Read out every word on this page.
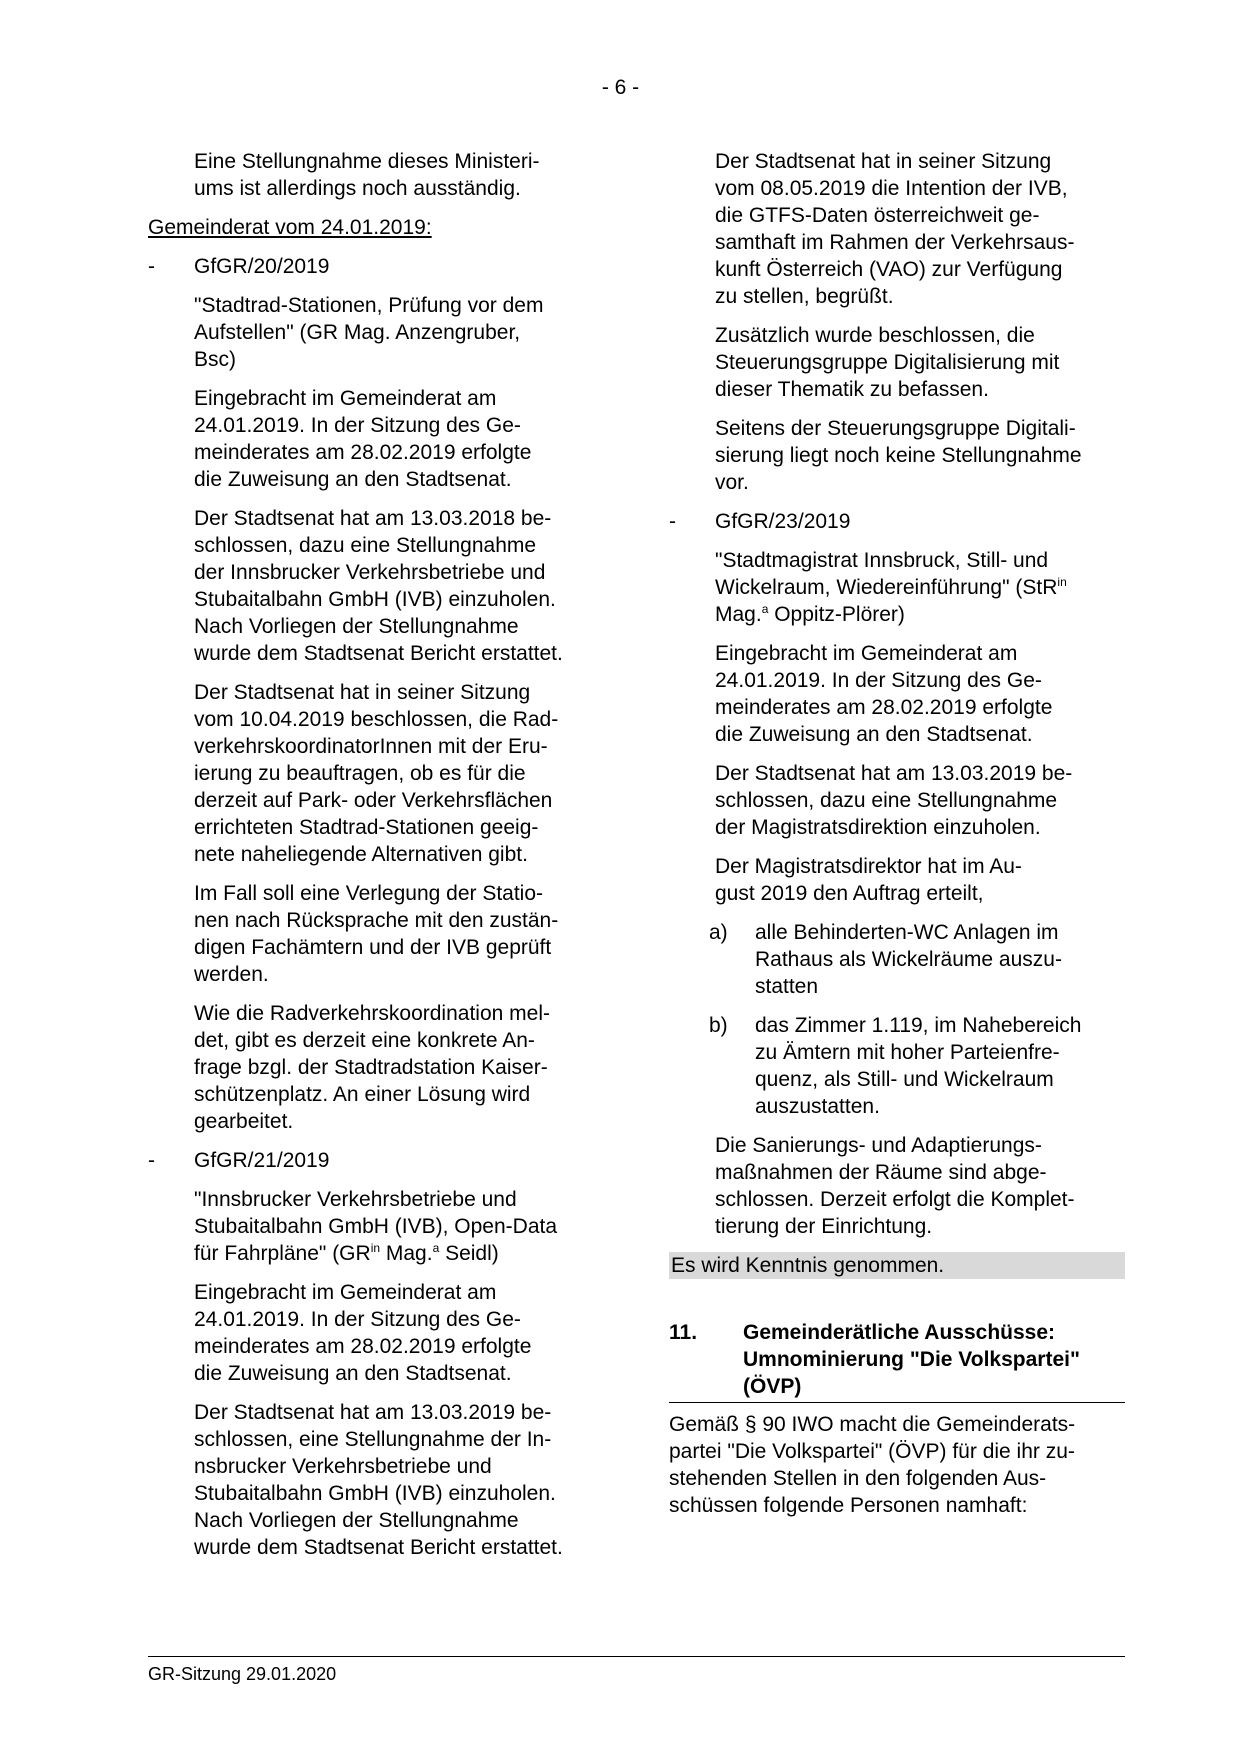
- 6 -

Eine Stellungnahme dieses Ministeri-
ums ist allerdings noch ausständig.

Gemeinderat vom 24.01.2019:

-	GfGR/20/2019

"Stadtrad-Stationen, Prüfung vor dem
Aufstellen" (GR Mag. Anzengruber,
Bsc)

Eingebracht im Gemeinderat am
24.01.2019. In der Sitzung des Ge-
meinderates am 28.02.2019 erfolgte
die Zuweisung an den Stadtsenat.

Der Stadtsenat hat am 13.03.2018 be-
schlossen, dazu eine Stellungnahme
der Innsbrucker Verkehrsbetriebe und
Stubaitalbahn GmbH (IVB) einzuholen.
Nach Vorliegen der Stellungnahme
wurde dem Stadtsenat Bericht erstattet.

Der Stadtsenat hat in seiner Sitzung
vom 10.04.2019 beschlossen, die Rad-
verkehrskoordinatorInnen mit der Eru-
ierung zu beauftragen, ob es für die
derzeit auf Park- oder Verkehrsflächen
errichteten Stadtrad-Stationen geeig-
nete naheliegende Alternativen gibt.

Im Fall soll eine Verlegung der Statio-
nen nach Rücksprache mit den zustän-
digen Fachämtern und der IVB geprüft
werden.

Wie die Radverkehrskoordination mel-
det, gibt es derzeit eine konkrete An-
frage bzgl. der Stadtradstation Kaiser-
schützenplatz. An einer Lösung wird
gearbeitet.

-	GfGR/21/2019

"Innsbrucker Verkehrsbetriebe und
Stubaitalbahn GmbH (IVB), Open-Data
für Fahrpläne" ($GR^{in}$ Mag.$^a$ Seidl)

Eingebracht im Gemeinderat am
24.01.2019. In der Sitzung des Ge-
meinderates am 28.02.2019 erfolgte
die Zuweisung an den Stadtsenat.

Der Stadtsenat hat am 13.03.2019 be-
schlossen, eine Stellungnahme der In-
nsbrucker Verkehrsbetriebe und
Stubaitalbahn GmbH (IVB) einzuholen.
Nach Vorliegen der Stellungnahme
wurde dem Stadtsenat Bericht erstattet.

Der Stadtsenat hat in seiner Sitzung
vom 08.05.2019 die Intention der IVB,
die GTFS-Daten österreichweit ge-
samthaft im Rahmen der Verkehrsaus-
kunft Österreich (VAO) zur Verfügung
zu stellen, begrüßt.

Zusätzlich wurde beschlossen, die
Steuerungsgruppe Digitalisierung mit
dieser Thematik zu befassen.

Seitens der Steuerungsgruppe Digitali-
sierung liegt noch keine Stellungnahme
vor.

-	GfGR/23/2019

"Stadtmagistrat Innsbruck, Still- und
Wickelraum, Wiedereinführung" (StR$^{in}$
Mag.$^a$ Oppitz-Plörer)

Eingebracht im Gemeinderat am
24.01.2019. In der Sitzung des Ge-
meinderates am 28.02.2019 erfolgte
die Zuweisung an den Stadtsenat.

Der Stadtsenat hat am 13.03.2019 be-
schlossen, dazu eine Stellungnahme
der Magistratsdirektion einzuholen.

Der Magistratsdirektor hat im Au-
gust 2019 den Auftrag erteilt,

a)	alle Behinderten-WC Anlagen im
Rathaus als Wickelräume auszu-
statten

b)	das Zimmer 1.119, im Nahebereich
zu Ämtern mit hoher Parteienfre-
quenz, als Still- und Wickelraum
auszustatten.

Die Sanierungs- und Adaptierungs-
maßnahmen der Räume sind abge-
schlossen. Derzeit erfolgt die Komplet-
tierung der Einrichtung.

Es wird Kenntnis genommen.

11.	Gemeinderätliche Ausschüsse:
Umnominierung "Die Volkspartei"
(ÖVP)

Gemäß § 90 IWO macht die Gemeinderats-
partei "Die Volkspartei" (ÖVP) für die ihr zu-
stehenden Stellen in den folgenden Aus-
schüssen folgende Personen namhaft:

GR-Sitzung 29.01.2020
